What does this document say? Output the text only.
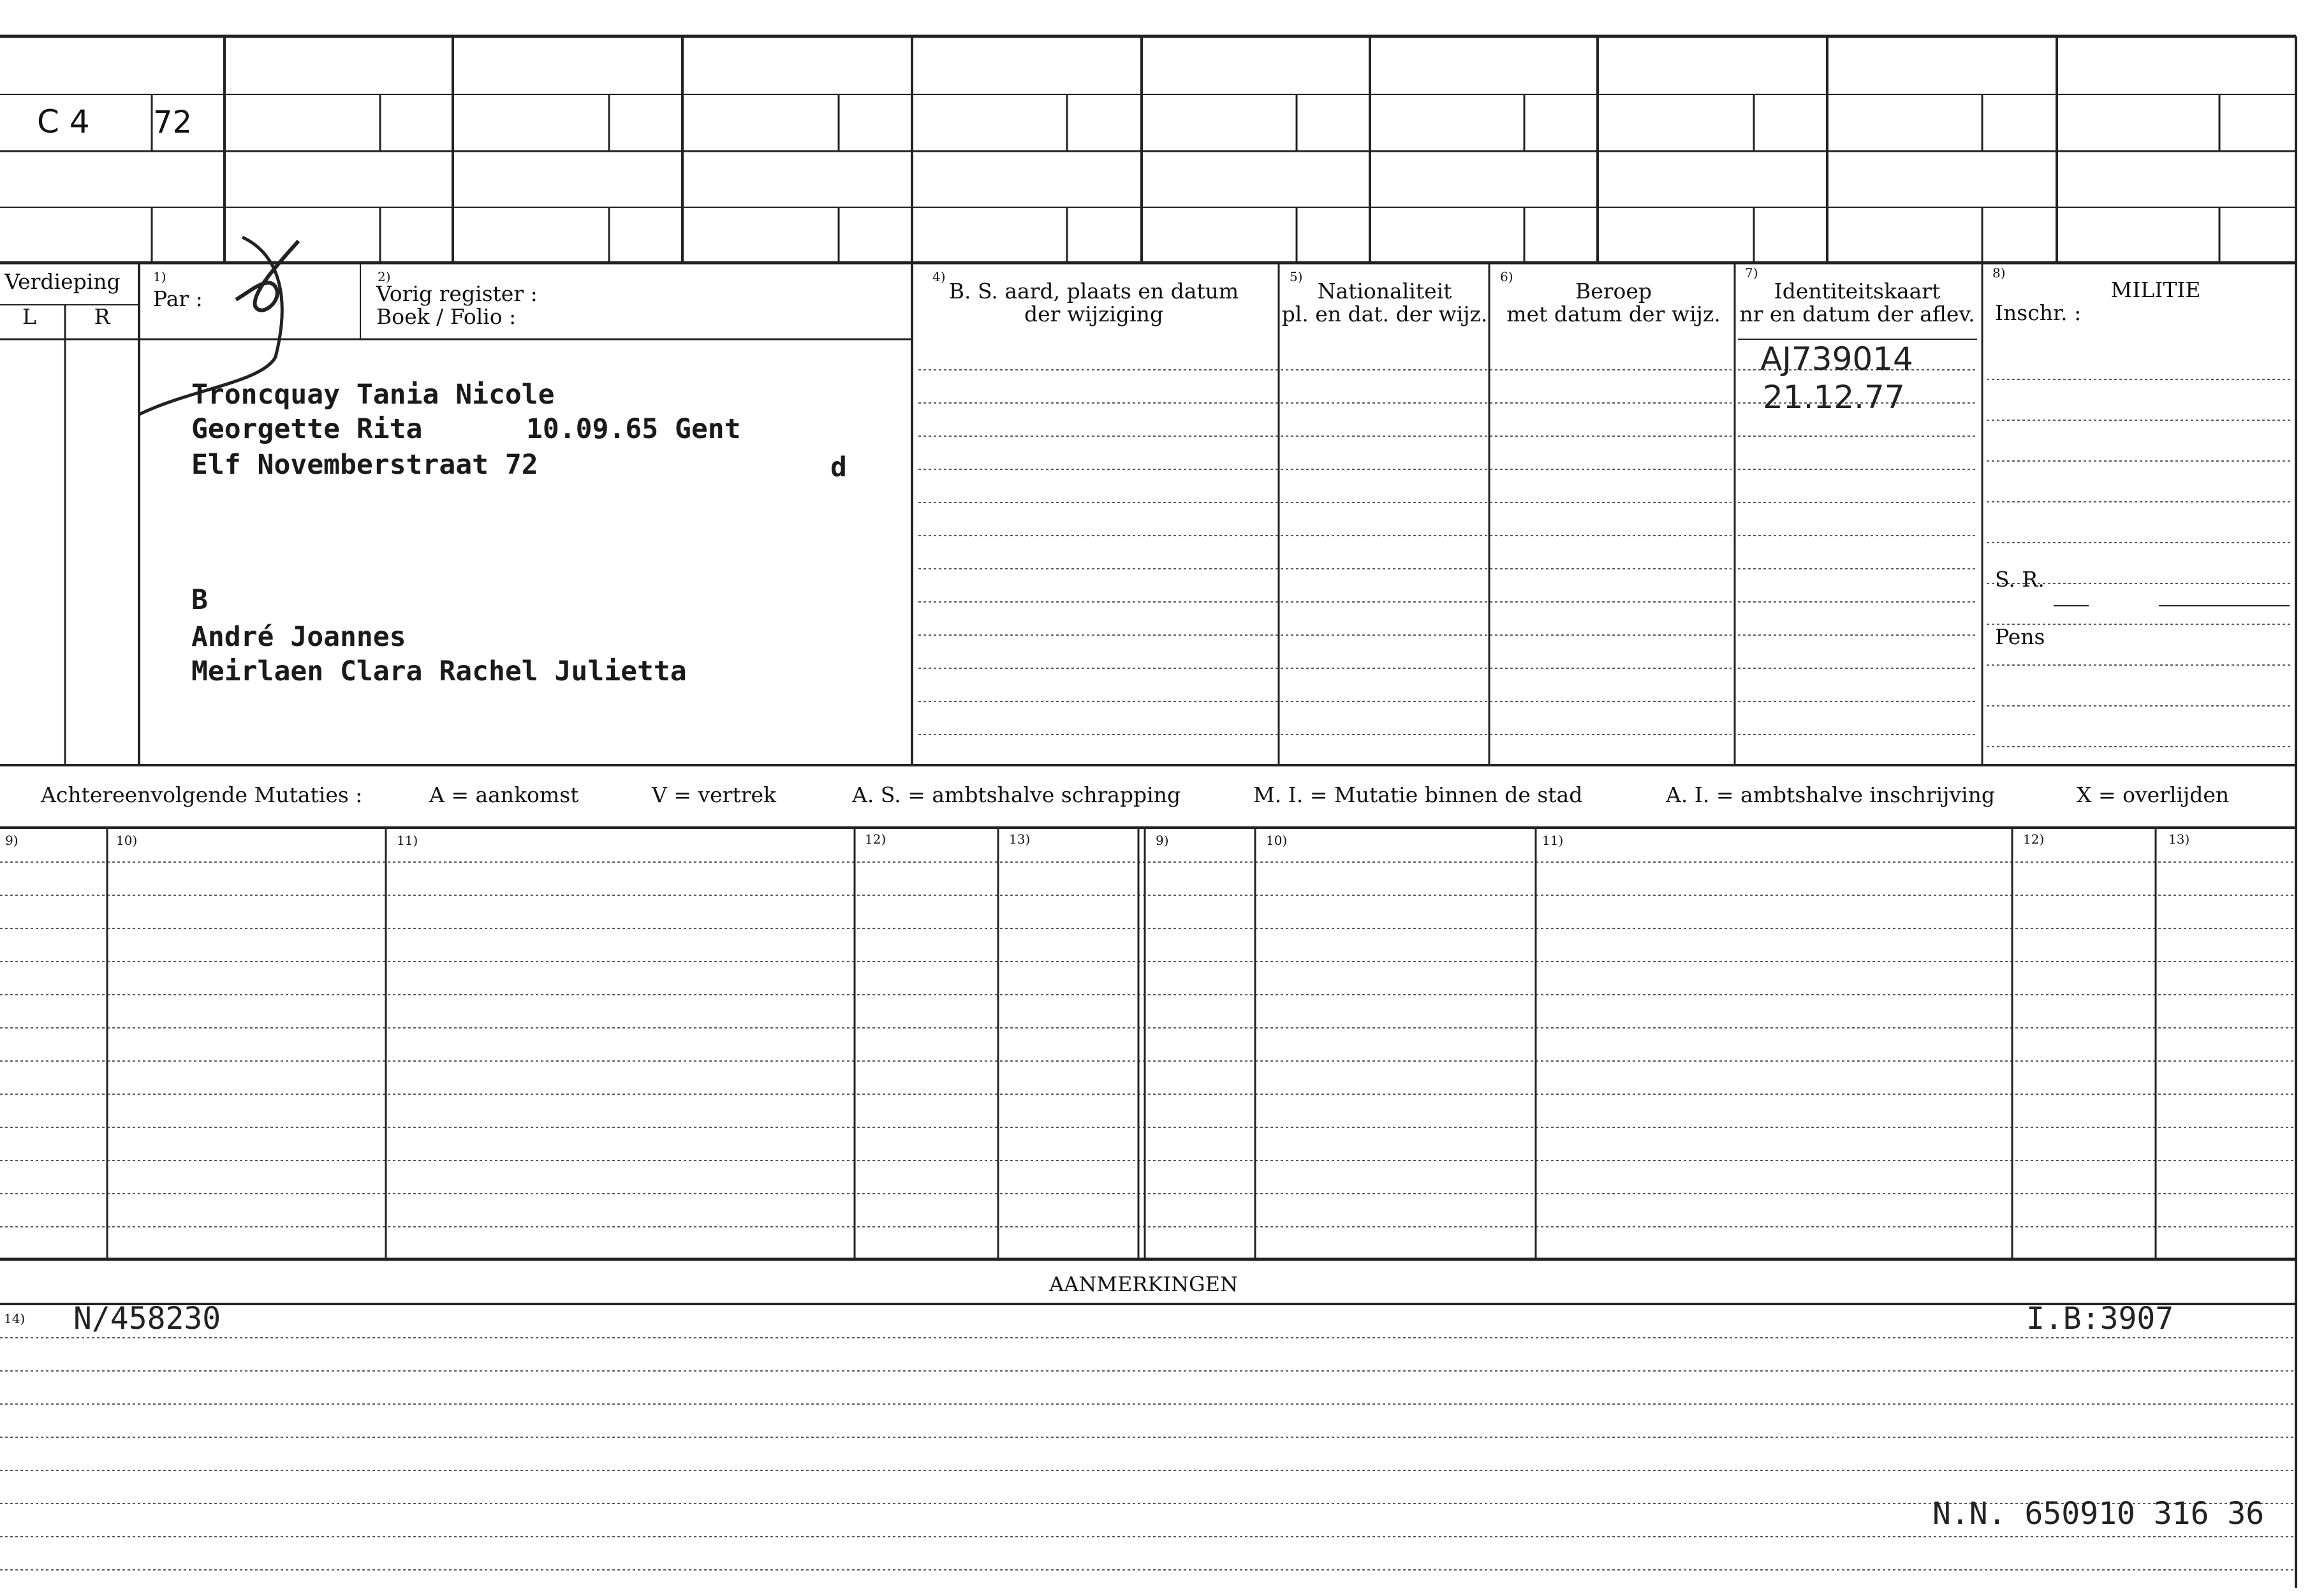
C 4 72
Verdieping
L	R
1)
Par :
2)
Vorig register :
Boek / Folio :
4)
B. S. aard, plaats en datum
der wijziging
5)
Nationaliteit
pl. en dat. der wijz.
6)
Beroep
met datum der wijz.
7)
Identiteitskaart
nr en datum der aflev.
8)
MILITIE
Inschr. :
S. R.
Pens
Troncquay Tania Nicole
Georgette Rita	10.09.65 Gent
Elf Novemberstraat 72	d
B
André Joannes
Meirlaen Clara Rachel Julietta
AJ739014
21.12.77
Achtereenvolgende Mutaties :	A = aankomst	V = vertrek	A. S. = ambtshalve schrapping	M. I. = Mutatie binnen de stad	A. I. = ambtshalve inschrijving	X = overlijden
9)	10)	11)	12)	13)	9)	10)	11)	12)	13)
AANMERKINGEN
14) N/458230	I.B:3907
N.N. 650910 316 36
